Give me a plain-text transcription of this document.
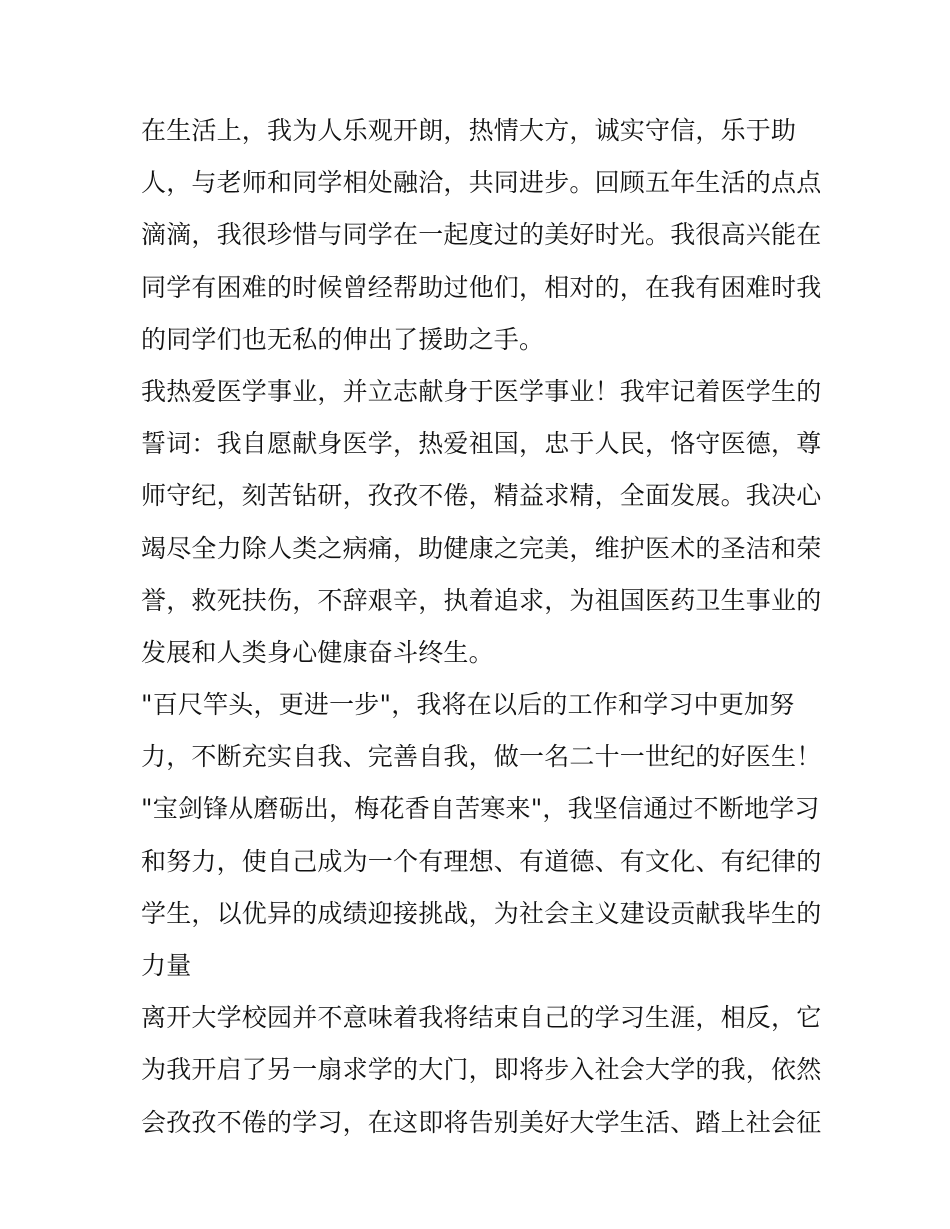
在生活上，我为人乐观开朗，热情大方，诚实守信，乐于助
人，与老师和同学相处融洽，共同进步。回顾五年生活的点点
滴滴，我很珍惜与同学在一起度过的美好时光。我很高兴能在
同学有困难的时候曾经帮助过他们，相对的，在我有困难时我
的同学们也无私的伸出了援助之手。
我热爱医学事业，并立志献身于医学事业！我牢记着医学生的
誓词：我自愿献身医学，热爱祖国，忠于人民，恪守医德，尊
师守纪，刻苦钻研，孜孜不倦，精益求精，全面发展。我决心
竭尽全力除人类之病痛，助健康之完美，维护医术的圣洁和荣
誉，救死扶伤，不辞艰辛，执着追求，为祖国医药卫生事业的
发展和人类身心健康奋斗终生。
"百尺竿头，更进一步"，我将在以后的工作和学习中更加努
力，不断充实自我、完善自我，做一名二十一世纪的好医生！
"宝剑锋从磨砺出，梅花香自苦寒来"，我坚信通过不断地学习
和努力，使自己成为一个有理想、有道德、有文化、有纪律的
学生，以优异的成绩迎接挑战，为社会主义建设贡献我毕生的
力量
离开大学校园并不意味着我将结束自己的学习生涯，相反，它
为我开启了另一扇求学的大门，即将步入社会大学的我，依然
会孜孜不倦的学习，在这即将告别美好大学生活、踏上社会征
